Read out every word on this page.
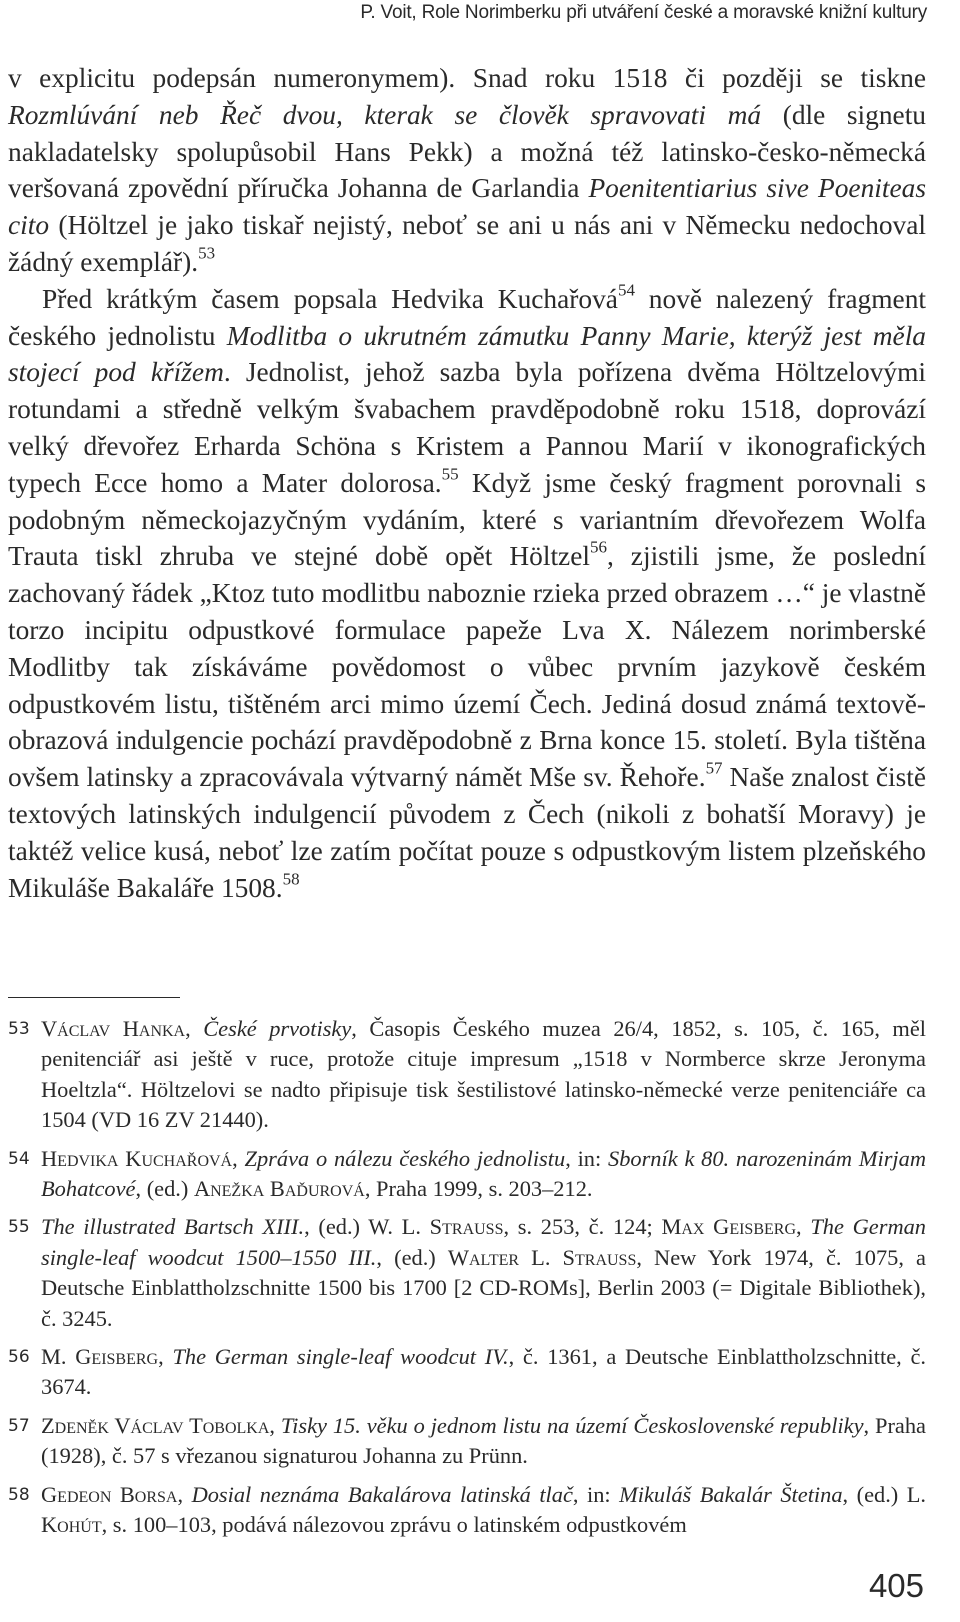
P. Voit, Role Norimberku při utváření české a moravské knižní kultury

v explicitu podepsán numeronymem). Snad roku 1518 či později se tiskne Rozmlúvání neb Řeč dvou, kterak se člověk spravovati má (dle signetu nakladatelsky spolupůsobil Hans Pekk) a možná též latinsko-česko-německá veršovaná zpovědní příručka Johanna de Garlandia Poenitentiarius sive Poeniteas cito (Höltzel je jako tiskař nejistý, neboť se ani u nás ani v Německu nedochoval žádný exemplář).$^{53}$

Před krátkým časem popsala Hedvika Kuchařová$^{54}$ nově nalezený fragment českého jednolistu Modlitba o ukrutném zámutku Panny Marie, kterýž jest měla stojecí pod křížem. Jednolist, jehož sazba byla pořízena dvěma Höltzelovými rotundami a středně velkým švabachem pravděpodobně roku 1518, doprovází velký dřevořez Erharda Schöna s Kristem a Pannou Marií v ikonografických typech Ecce homo a Mater dolorosa.$^{55}$ Když jsme český fragment porovnali s podobným německojazyčným vydáním, které s variantním dřevořezem Wolfa Trauta tiskl zhruba ve stejné době opět Höltzel$^{56}$, zjistili jsme, že poslední zachovaný řádek „Ktoz tuto modlitbu naboznie rzieka przed obrazem …“ je vlastně torzo incipitu odpustkové formulace papeže Lva X. Nálezem norimberské Modlitby tak získáváme povědomost o vůbec prvním jazykově českém odpustkovém listu, tištěném arci mimo území Čech. Jediná dosud známá textově-obrazová indulgencie pochází pravděpodobně z Brna konce 15. století. Byla tištěna ovšem latinsky a zpracovávala výtvarný námět Mše sv. Řehoře.$^{57}$ Naše znalost čistě textových latinských indulgencií původem z Čech (nikoli z bohatší Moravy) je taktéž velice kusá, neboť lze zatím počítat pouze s odpustkovým listem plzeňského Mikuláše Bakaláře 1508.58

53 Václav Hanka, České prvotisky, Časopis Českého muzea 26/4, 1852, s. 105, č. 165, měl penitenciář asi ještě v ruce, protože cituje impresum „1518 v Normberce skrze Jeronyma Hoeltzla“. Höltzelovi se nadto připisuje tisk šestilistové latinsko-německé verze penitenciáře ca 1504 (VD 16 ZV 21440).
54 Hedvika Kuchařová, Zpráva o nálezu českého jednolistu, in: Sborník k 80. narozeninám Mirjam Bohatcové, (ed.) Anežka Baďurová, Praha 1999, s. 203–212.
55 The illustrated Bartsch XIII., (ed.) W. L. Strauss, s. 253, č. 124; Max Geisberg, The German single-leaf woodcut 1500–1550 III., (ed.) Walter L. Strauss, New York 1974, č. 1075, a Deutsche Einblattholzschnitte 1500 bis 1700 [2 CD-ROMs], Berlin 2003 (= Digitale Bibliothek), č. 3245.
56 M. Geisberg, The German single-leaf woodcut IV., č. 1361, a Deutsche Einblattholzschnitte, č. 3674.
57 Zdeněk Václav Tobolka, Tisky 15. věku o jednom listu na území Československé republiky, Praha (1928), č. 57 s vřezanou signaturou Johanna zu Prünn.
58 Gedeon Borsa, Dosial neznáma Bakalárova latinská tlač, in: Mikuláš Bakalár Štetina, (ed.) L. Kohút, s. 100–103, podává nálezovou zprávu o latinském odpustkovém
405
